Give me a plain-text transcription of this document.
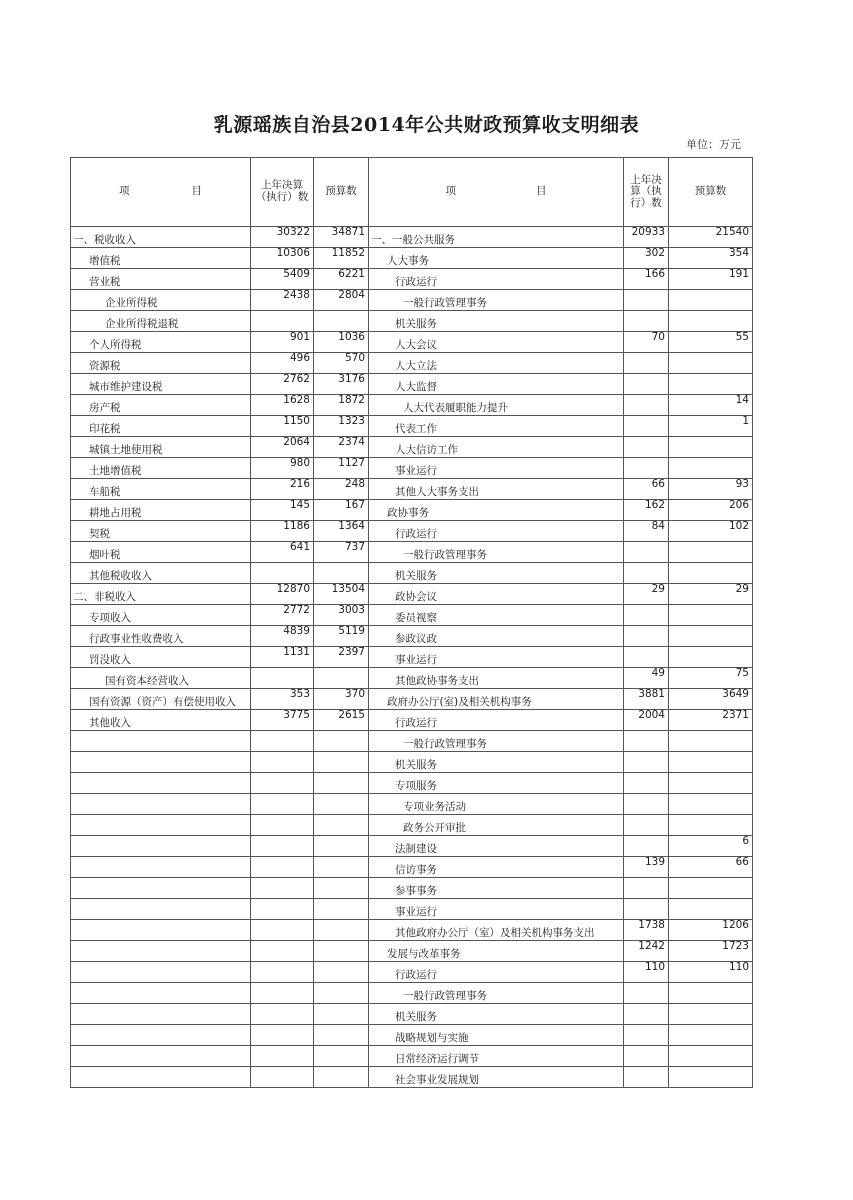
乳源瑶族自治县2014年公共财政预算收支明细表
单位：万元
项 目	上年决算（执行）数	预算数	项 目	上年决算（执行）数	预算数
一、税收收入	30322	34871	一、一般公共服务	20933	21540
增值税	10306	11852	人大事务	302	354
营业税	5409	6221	行政运行	166	191
企业所得税	2438	2804	一般行政管理事务		
企业所得税退税			机关服务		
个人所得税	901	1036	人大会议	70	55
资源税	496	570	人大立法		
城市维护建设税	2762	3176	人大监督		
房产税	1628	1872	人大代表履职能力提升		14
印花税	1150	1323	代表工作		1
城镇土地使用税	2064	2374	人大信访工作		
土地增值税	980	1127	事业运行		
车船税	216	248	其他人大事务支出	66	93
耕地占用税	145	167	政协事务	162	206
契税	1186	1364	行政运行	84	102
烟叶税	641	737	一般行政管理事务		
其他税收收入			机关服务		
二、非税收入	12870	13504	政协会议	29	29
专项收入	2772	3003	委员视察		
行政事业性收费收入	4839	5119	参政议政		
罚没收入	1131	2397	事业运行		
国有资本经营收入			其他政协事务支出	49	75
国有资源（资产）有偿使用收入	353	370	政府办公厅(室)及相关机构事务	3881	3649
其他收入	3775	2615	行政运行	2004	2371
			一般行政管理事务		
			机关服务		
			专项服务		
			专项业务活动		
			政务公开审批		
			法制建设		6
			信访事务	139	66
			参事事务		
			事业运行		
			其他政府办公厅（室）及相关机构事务支出	1738	1206
			发展与改革事务	1242	1723
			行政运行	110	110
			一般行政管理事务		
			机关服务		
			战略规划与实施		
			日常经济运行调节		
			社会事业发展规划		
